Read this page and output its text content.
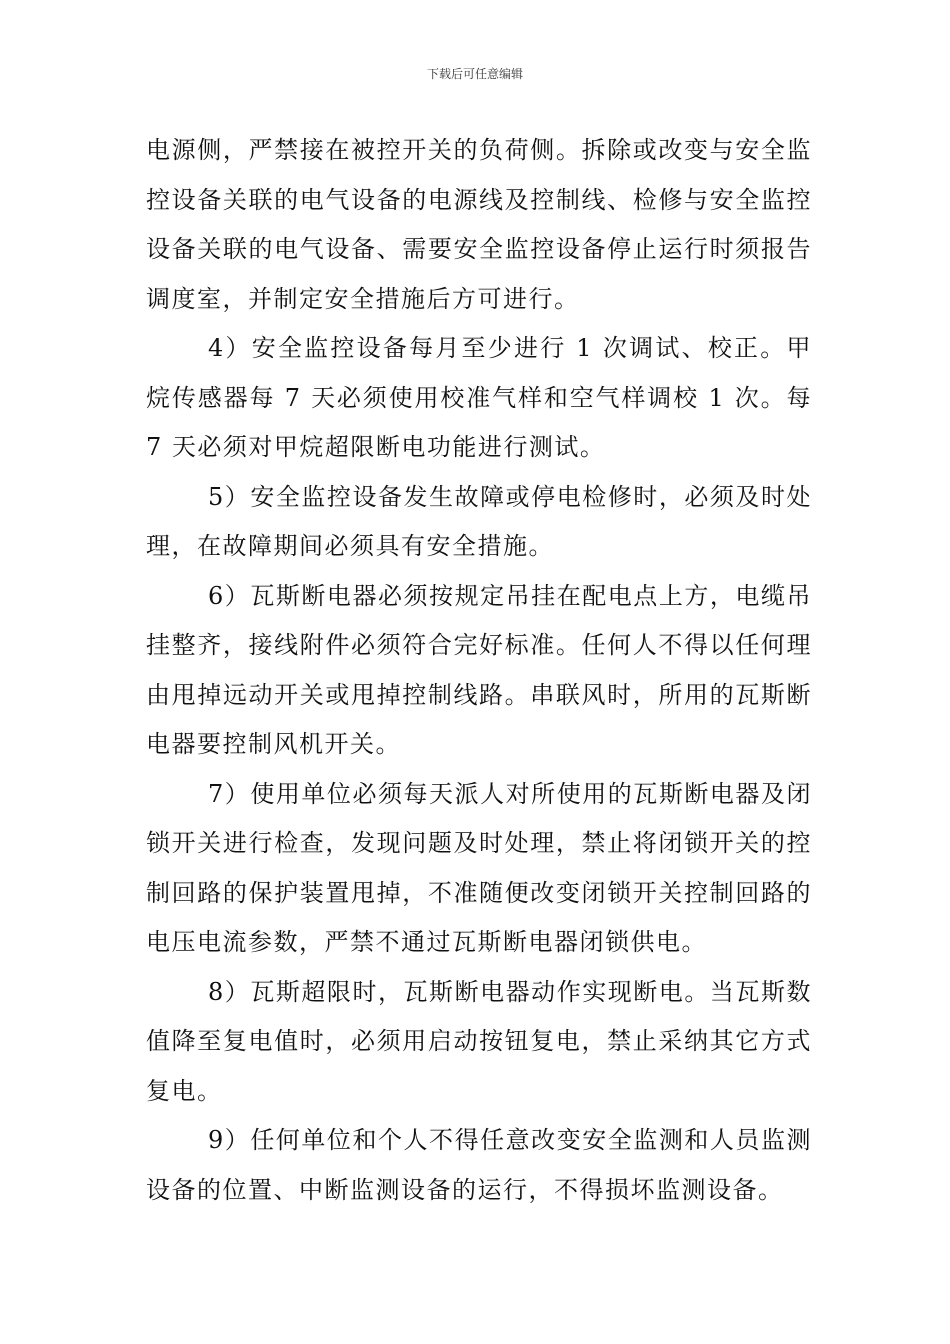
下载后可任意编辑

电源侧，严禁接在被控开关的负荷侧。拆除或改变与安全监控设备关联的电气设备的电源线及控制线、检修与安全监控设备关联的电气设备、需要安全监控设备停止运行时须报告调度室，并制定安全措施后方可进行。

4）安全监控设备每月至少进行 1 次调试、校正。甲烷传感器每 7 天必须使用校准气样和空气样调校 1 次。每 7 天必须对甲烷超限断电功能进行测试。

5）安全监控设备发生故障或停电检修时，必须及时处理，在故障期间必须具有安全措施。

6）瓦斯断电器必须按规定吊挂在配电点上方，电缆吊挂整齐，接线附件必须符合完好标准。任何人不得以任何理由甩掉远动开关或甩掉控制线路。串联风时，所用的瓦斯断电器要控制风机开关。

7）使用单位必须每天派人对所使用的瓦斯断电器及闭锁开关进行检查，发现问题及时处理，禁止将闭锁开关的控制回路的保护装置甩掉，不准随便改变闭锁开关控制回路的电压电流参数，严禁不通过瓦斯断电器闭锁供电。

8）瓦斯超限时，瓦斯断电器动作实现断电。当瓦斯数值降至复电值时，必须用启动按钮复电，禁止采纳其它方式复电。

9）任何单位和个人不得任意改变安全监测和人员监测设备的位置、中断监测设备的运行，不得损坏监测设备。
